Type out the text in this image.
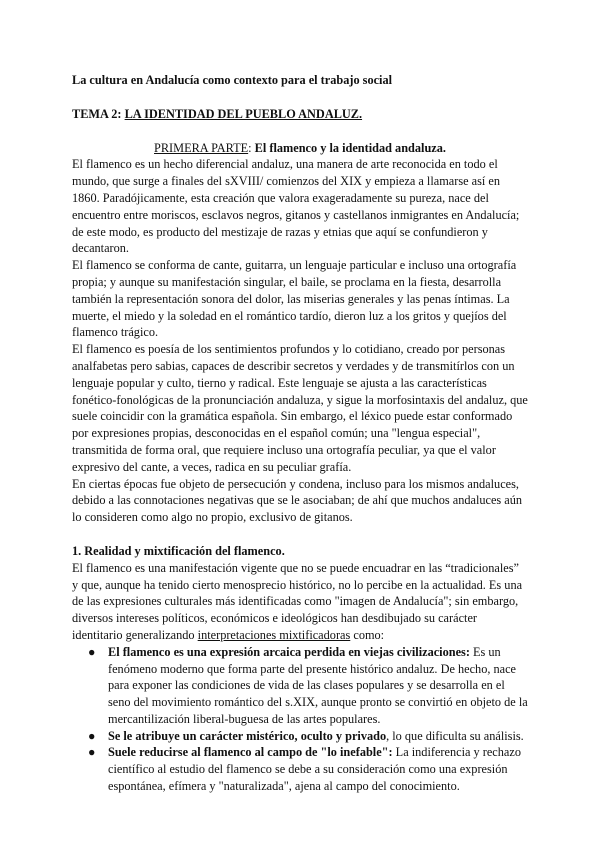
La cultura en Andalucía como contexto para el trabajo social

TEMA 2: LA IDENTIDAD DEL PUEBLO ANDALUZ.

PRIMERA PARTE: El flamenco y la identidad andaluza.

El flamenco es un hecho diferencial andaluz, una manera de arte reconocida en todo el mundo, que surge a finales del sXVIII/ comienzos del XIX y empieza a llamarse así en 1860. Paradójicamente, esta creación que valora exageradamente su pureza, nace del encuentro entre moriscos, esclavos negros, gitanos y castellanos inmigrantes en Andalucía; de este modo, es producto del mestizaje de razas y etnias que aquí se confundieron y decantaron.

El flamenco se conforma de cante, guitarra, un lenguaje particular e incluso una ortografía propia; y aunque su manifestación singular, el baile, se proclama en la fiesta, desarrolla también la representación sonora del dolor, las miserias generales y las penas íntimas. La muerte, el miedo y la soledad en el romántico tardío, dieron luz a los gritos y quejíos del flamenco trágico.

El flamenco es poesía de los sentimientos profundos y lo cotidiano, creado por personas analfabetas pero sabias, capaces de describir secretos y verdades y de transmitírlos con un lenguaje popular y culto, tierno y radical. Este lenguaje se ajusta a las características fonético-fonológicas de la pronunciación andaluza, y sigue la morfosintaxis del andaluz, que suele coincidir con la gramática española. Sin embargo, el léxico puede estar conformado por expresiones propias, desconocidas en el español común; una "lengua especial", transmitida de forma oral, que requiere incluso una ortografía peculiar, ya que el valor expresivo del cante, a veces, radica en su peculiar grafía.

En ciertas épocas fue objeto de persecución y condena, incluso para los mismos andaluces, debido a las connotaciones negativas que se le asociaban; de ahí que muchos andaluces aún lo consideren como algo no propio, exclusivo de gitanos.

1. Realidad y mixtificación del flamenco.

El flamenco es una manifestación vigente que no se puede encuadrar en las “tradicionales” y que, aunque ha tenido cierto menosprecio histórico, no lo percibe en la actualidad. Es una de las expresiones culturales más identificadas como "imagen de Andalucía"; sin embargo, diversos intereses políticos, económicos e ideológicos han desdibujado su carácter identitario generalizando interpretaciones mixtificadoras como:

● El flamenco es una expresión arcaica perdida en viejas civilizaciones: Es un fenómeno moderno que forma parte del presente histórico andaluz. De hecho, nace para exponer las condiciones de vida de las clases populares y se desarrolla en el seno del movimiento romántico del s.XIX, aunque pronto se convirtió en objeto de la mercantilización liberal-buguesa de las artes populares.
● Se le atribuye un carácter mistérico, oculto y privado, lo que dificulta su análisis.
● Suele reducirse al flamenco al campo de "lo inefable": La indiferencia y rechazo científico al estudio del flamenco se debe a su consideración como una expresión espontánea, efímera y "naturalizada", ajena al campo del conocimiento.
